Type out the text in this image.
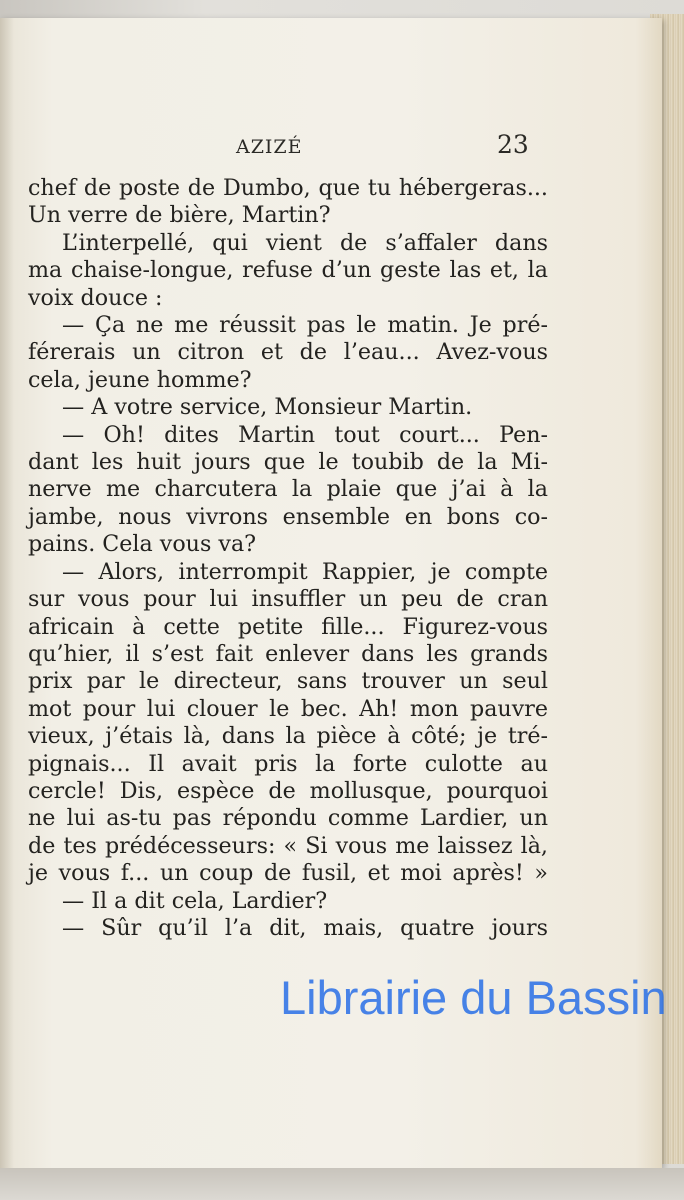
AZIZÉ	23
chef de poste de Dumbo, que tu hébergeras...
Un verre de bière, Martin?
L’interpellé, qui vient de s’affaler dans
ma chaise-longue, refuse d’un geste las et, la
voix douce :
— Ça ne me réussit pas le matin. Je pré-
férerais un citron et de l’eau... Avez-vous
cela, jeune homme?
— A votre service, Monsieur Martin.
— Oh! dites Martin tout court... Pen-
dant les huit jours que le toubib de la Mi-
nerve me charcutera la plaie que j’ai à la
jambe, nous vivrons ensemble en bons co-
pains. Cela vous va?
— Alors, interrompit Rappier, je compte
sur vous pour lui insuffler un peu de cran
africain à cette petite fille... Figurez-vous
qu’hier, il s’est fait enlever dans les grands
prix par le directeur, sans trouver un seul
mot pour lui clouer le bec. Ah! mon pauvre
vieux, j’étais là, dans la pièce à côté; je tré-
pignais... Il avait pris la forte culotte au
cercle! Dis, espèce de mollusque, pourquoi
ne lui as-tu pas répondu comme Lardier, un
de tes prédécesseurs: « Si vous me laissez là,
je vous f... un coup de fusil, et moi après! »
— Il a dit cela, Lardier?
— Sûr qu’il l’a dit, mais, quatre jours
Librairie du Bassin
